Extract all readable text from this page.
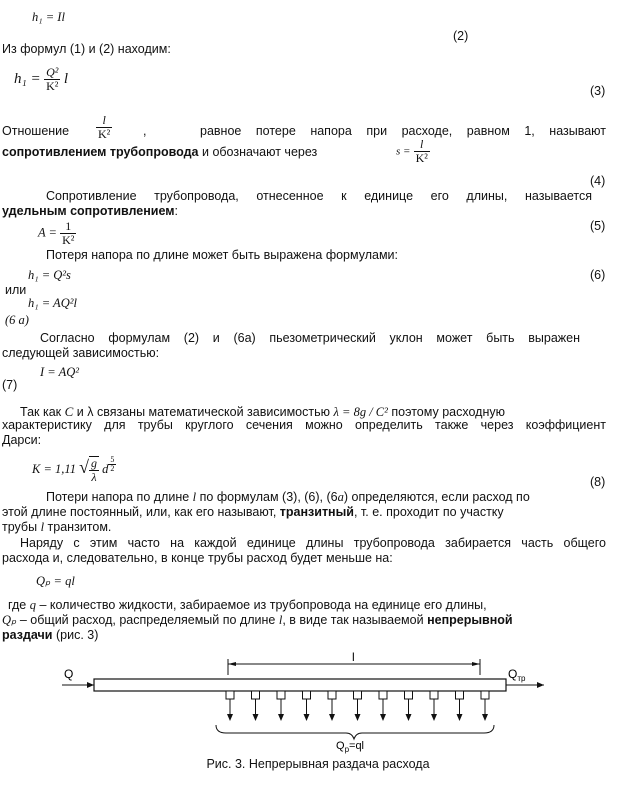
h₁ = Il
(2)
Из формул (1) и (2) находим:
$h_1 = \frac{\text{Q²}}{\text{K²}}$ l
(3)
Отношение $\frac{l}{\text{K²}}$ ,	равное потере напора при расходе, равном 1, называют
сопротивлением трубопровода и обозначают через	$s = \frac{l}{\text{K²}}$
(4)
Сопротивление трубопровода, отнесенное к единице его длины, называется
удельным сопротивлением:
$A = \frac{1}{\text{K²}}$	(5)
Потеря напора по длине может быть выражена формулами:
h₁ = Q²s	(6)
или
h₁ = AQ²l
(6 а)
Согласно формулам (2) и (6а) пьезометрический уклон может быть выражен
следующей зависимостью:
I = AQ²
(7)
Так как C и λ связаны математической зависимостью λ = 8g / C² поэтому расходную
характеристику для трубы круглого сечения можно определить также через коэффициент
Дарси:
K = 1,11 √ $\frac{g}{\lambda}$ d $\frac{5}{2}$
(8)
Потери напора по длине l по формулам (3), (6), (6а) определяются, если расход по
этой длине постоянный, или, как его называют, транзитный, т. е. проходит по участку
трубы l транзитом.
Наряду с этим часто на каждой единице длины трубопровода забирается часть общего
расхода и, следовательно, в конце трубы расход будет меньше на:
Qₚ = ql
где q – количество жидкости, забираемое из трубопровода на единице его длины,
Qₚ – общий расход, распределяемый по длине l, в виде так называемой непрерывной
раздачи (рис. 3)
l
Q	$Q_{тр}$
$Q_р=ql$
Рис. 3. Непрерывная раздача расхода
